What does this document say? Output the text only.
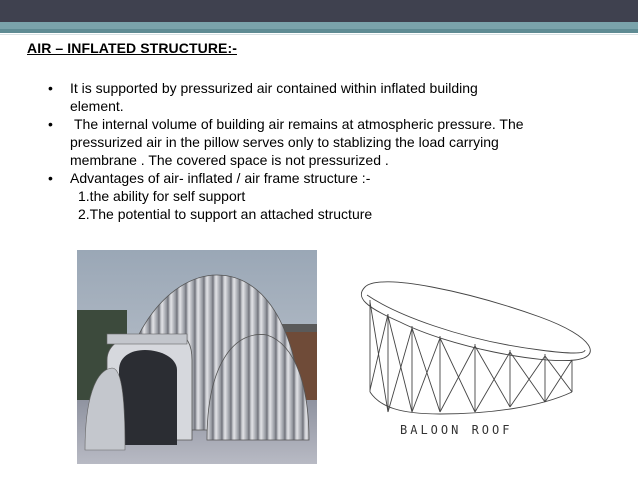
AIR – INFLATED STRUCTURE:-
• It is supported by pressurized air contained within inflated building
element.
• The internal volume of building air remains at atmospheric pressure. The
pressurized air in the pillow serves only to stablizing the load carrying
membrane . The covered space is not pressurized .
• Advantages of air- inflated / air frame structure :-
1.the ability for self support
2.The potential to support an attached structure
BALOON ROOF
